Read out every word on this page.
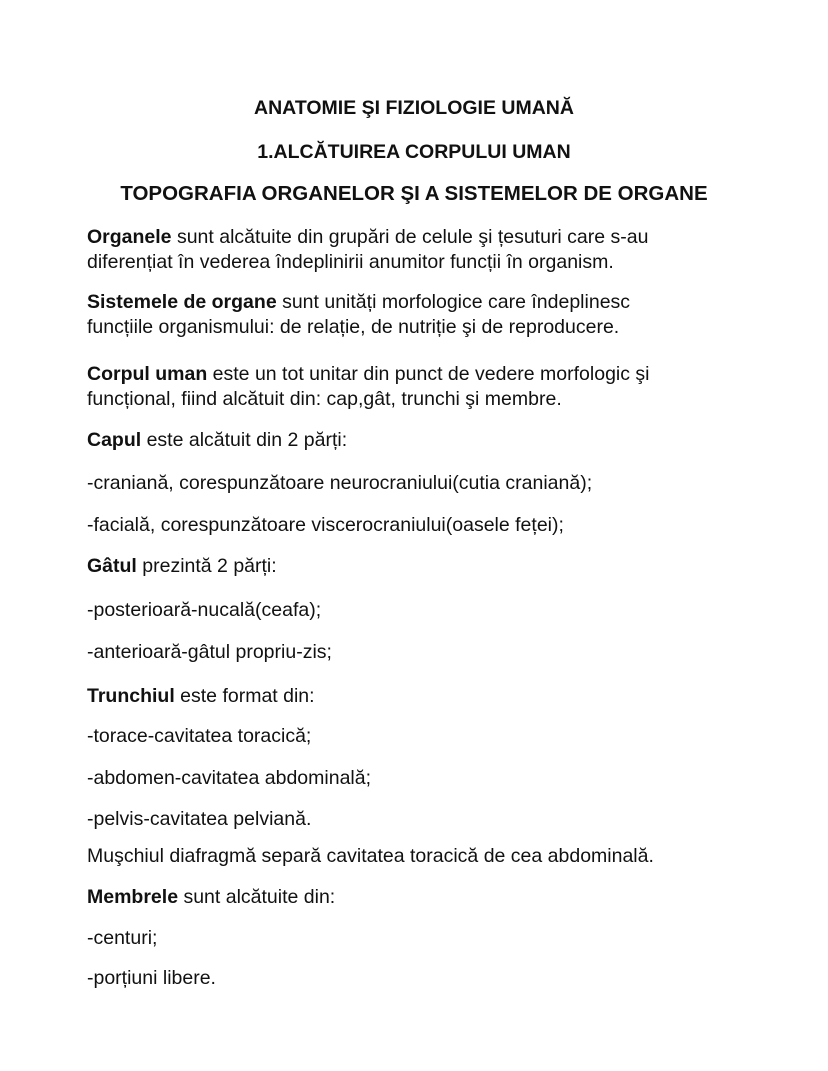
ANATOMIE ŞI FIZIOLOGIE UMANĂ
1.ALCĂTUIREA CORPULUI UMAN
TOPOGRAFIA ORGANELOR ŞI A SISTEMELOR DE ORGANE
Organele sunt alcătuite din grupări de celule şi țesuturi care s-au
diferențiat în vederea îndeplinirii anumitor funcții în organism.
Sistemele de organe sunt unități morfologice care îndeplinesc
funcțiile organismului: de relație, de nutriție şi de reproducere.
Corpul uman este un tot unitar din punct de vedere morfologic şi
funcțional, fiind alcătuit din: cap,gât, trunchi şi membre.
Capul este alcătuit din 2 părți:
-craniană, corespunzătoare neurocraniului(cutia craniană);
-facială, corespunzătoare viscerocraniului(oasele feței);
Gâtul prezintă 2 părți:
-posterioară-nucală(ceafa);
-anterioară-gâtul propriu-zis;
Trunchiul este format din:
-torace-cavitatea toracică;
-abdomen-cavitatea abdominală;
-pelvis-cavitatea pelviană.
Muşchiul diafragmă separă cavitatea toracică de cea abdominală.
Membrele sunt alcătuite din:
-centuri;
-porțiuni libere.
